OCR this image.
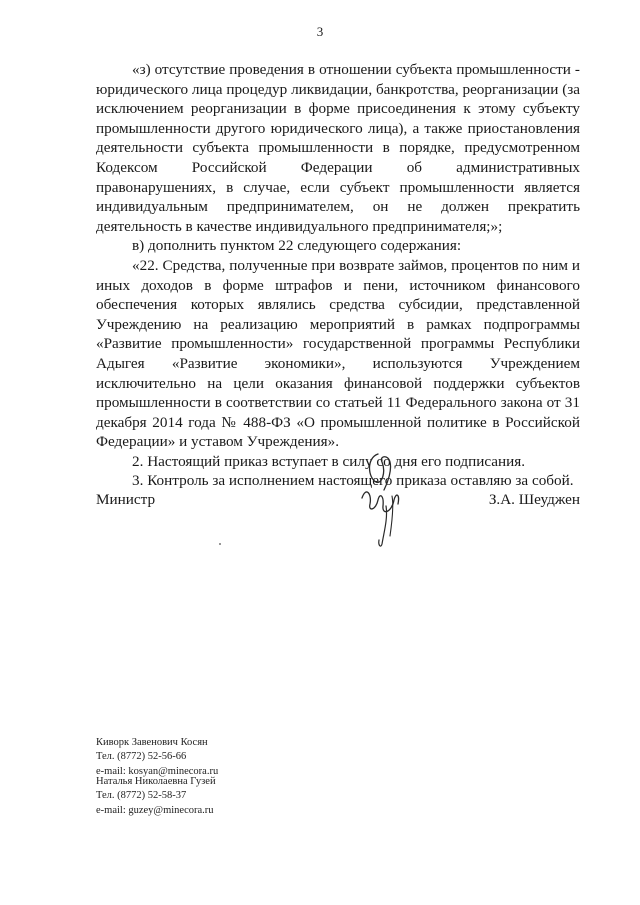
3

«з) отсутствие проведения в отношении субъекта промышленности - юридического лица процедур ликвидации, банкротства, реорганизации (за исключением реорганизации в форме присоединения к этому субъекту промышленности другого юридического лица), а также приостановления деятельности субъекта промышленности в порядке, предусмотренном Кодексом Российской Федерации об административных правонарушениях, в случае, если субъект промышленности является индивидуальным предпринимателем, он не должен прекратить деятельность в качестве индивидуального предпринимателя;»;

в) дополнить пунктом 22 следующего содержания:

«22. Средства, полученные при возврате займов, процентов по ним и иных доходов в форме штрафов и пени, источником финансового обеспечения которых являлись средства субсидии, представленной Учреждению на реализацию мероприятий в рамках подпрограммы «Развитие промышленности» государственной программы Республики Адыгея «Развитие экономики», используются Учреждением исключительно на цели оказания финансовой поддержки субъектов промышленности в соответствии со статьей 11 Федерального закона от 31 декабря 2014 года № 488-ФЗ «О промышленной политике в Российской Федерации» и уставом Учреждения».

2. Настоящий приказ вступает в силу со дня его подписания.

3. Контроль за исполнением настоящего приказа оставляю за собой.

Министр	З.А. Шеуджен
Киворк Завенович Косян
Тел. (8772) 52-56-66
e-mail: kosyan@minecora.ru
Наталья Николаевна Гузей
Тел. (8772) 52-58-37
e-mail: guzey@minecora.ru
